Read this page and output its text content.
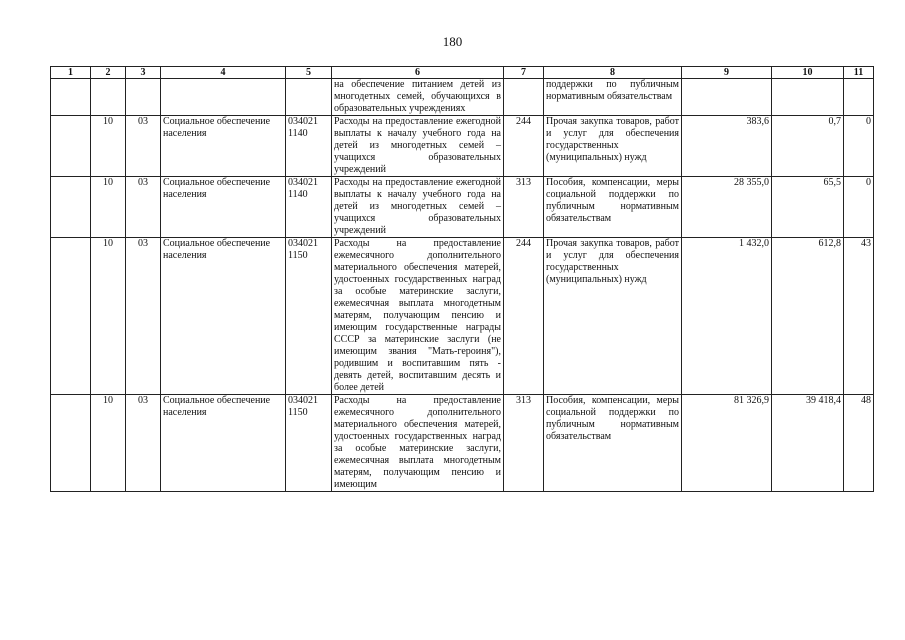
180
1	2	3	4	5	6	7	8	9	10	11
					на обеспечение питанием детей из многодетных семей, обучающихся в образовательных учреждениях		поддержки по публичным нормативным обязательствам			
	10	03	Социальное обеспечение населения	034021 1140	Расходы на предоставление ежегодной выплаты к началу учебного года на детей из многодетных семей – учащихся образовательных учреждений	244	Прочая закупка товаров, работ и услуг для обеспечения государственных (муниципальных) нужд	383,6	0,7	0
	10	03	Социальное обеспечение населения	034021 1140	Расходы на предоставление ежегодной выплаты к началу учебного года на детей из многодетных семей – учащихся образовательных учреждений	313	Пособия, компенсации, меры социальной поддержки по публичным нормативным обязательствам	28 355,0	65,5	0
	10	03	Социальное обеспечение населения	034021 1150	Расходы на предоставление ежемесячного дополнительного материального обеспечения матерей, удостоенных государственных наград за особые материнские заслуги, ежемесячная выплата многодетным матерям, получающим пенсию и имеющим государственные награды СССР за материнские заслуги (не имеющим звания "Мать-героиня"), родившим и воспитавшим пять - девять детей, воспитавшим десять и более детей	244	Прочая закупка товаров, работ и услуг для обеспечения государственных (муниципальных) нужд	1 432,0	612,8	43
	10	03	Социальное обеспечение населения	034021 1150	Расходы на предоставление ежемесячного дополнительного материального обеспечения матерей, удостоенных государственных наград за особые материнские заслуги, ежемесячная выплата многодетным матерям, получающим пенсию и имеющим	313	Пособия, компенсации, меры социальной поддержки по публичным нормативным обязательствам	81 326,9	39 418,4	48
